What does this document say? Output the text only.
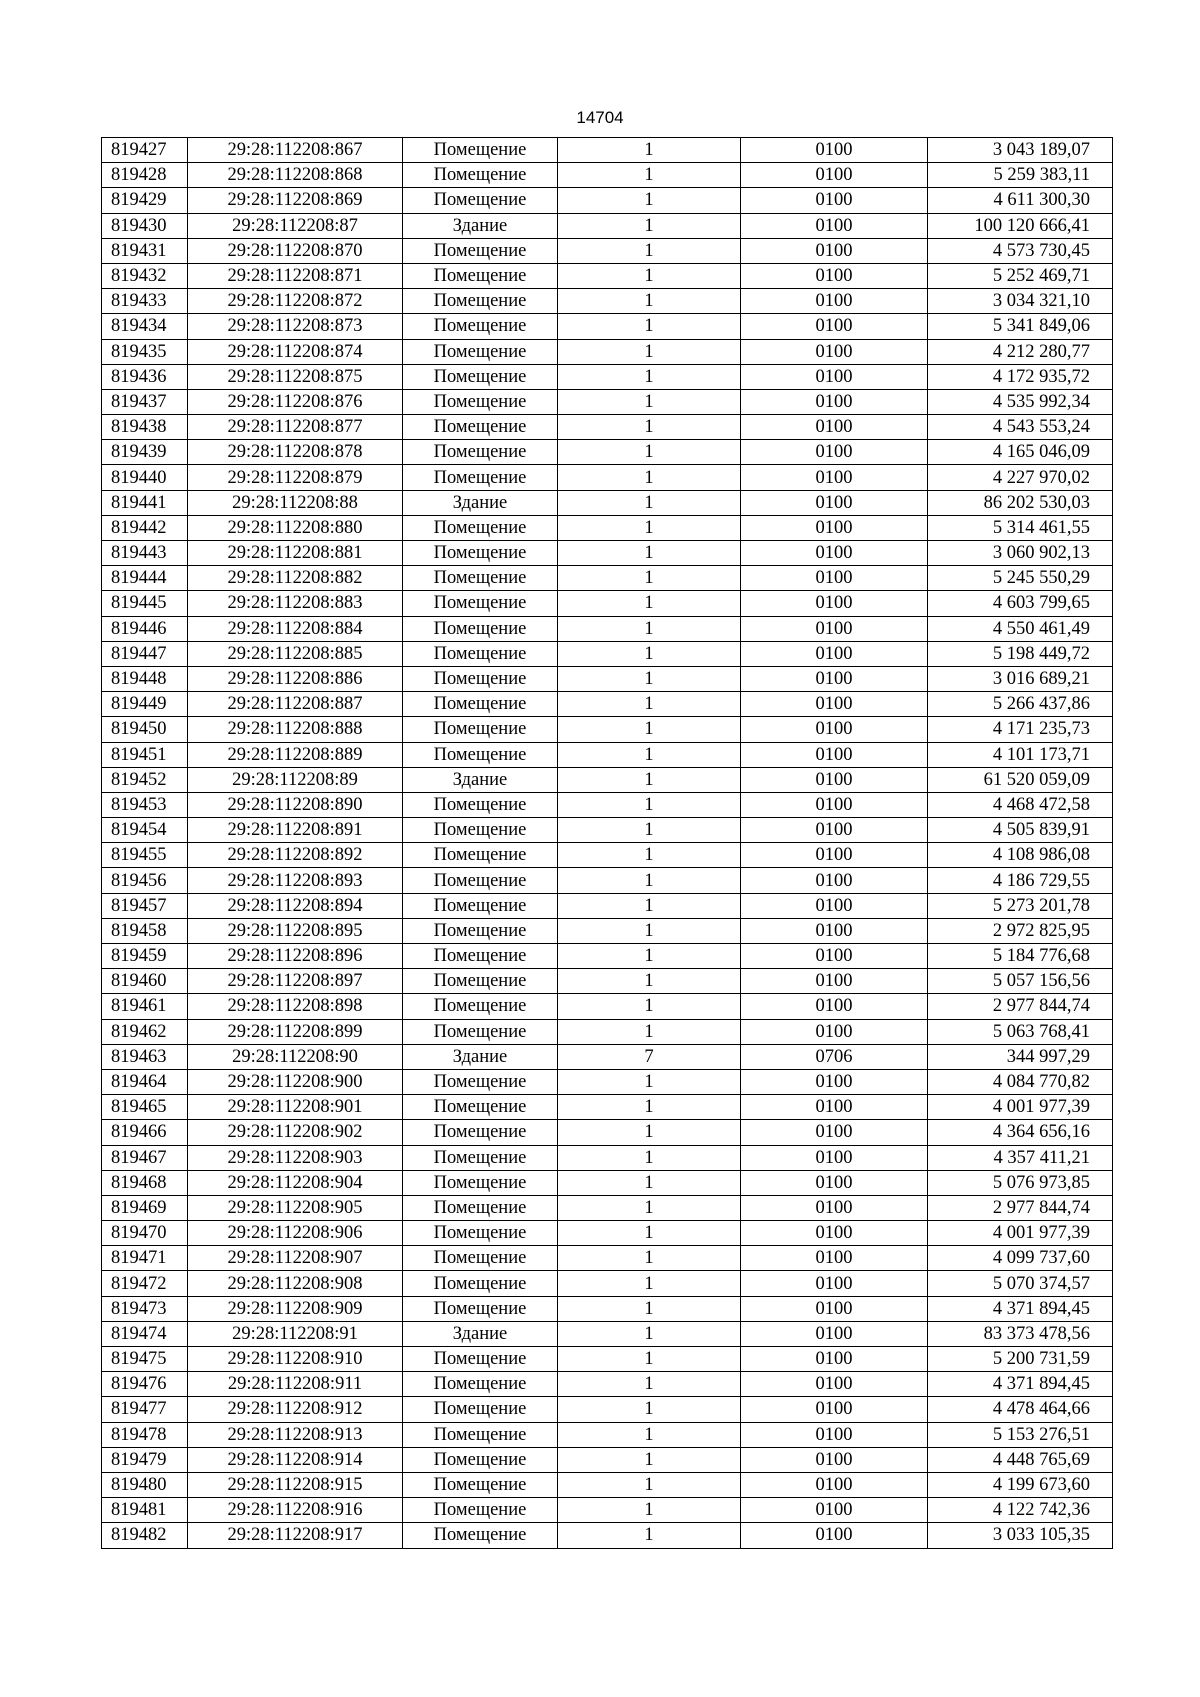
14704
819427	29:28:112208:867	Помещение	1	0100	3 043 189,07
819428	29:28:112208:868	Помещение	1	0100	5 259 383,11
819429	29:28:112208:869	Помещение	1	0100	4 611 300,30
819430	29:28:112208:87	Здание	1	0100	100 120 666,41
819431	29:28:112208:870	Помещение	1	0100	4 573 730,45
819432	29:28:112208:871	Помещение	1	0100	5 252 469,71
819433	29:28:112208:872	Помещение	1	0100	3 034 321,10
819434	29:28:112208:873	Помещение	1	0100	5 341 849,06
819435	29:28:112208:874	Помещение	1	0100	4 212 280,77
819436	29:28:112208:875	Помещение	1	0100	4 172 935,72
819437	29:28:112208:876	Помещение	1	0100	4 535 992,34
819438	29:28:112208:877	Помещение	1	0100	4 543 553,24
819439	29:28:112208:878	Помещение	1	0100	4 165 046,09
819440	29:28:112208:879	Помещение	1	0100	4 227 970,02
819441	29:28:112208:88	Здание	1	0100	86 202 530,03
819442	29:28:112208:880	Помещение	1	0100	5 314 461,55
819443	29:28:112208:881	Помещение	1	0100	3 060 902,13
819444	29:28:112208:882	Помещение	1	0100	5 245 550,29
819445	29:28:112208:883	Помещение	1	0100	4 603 799,65
819446	29:28:112208:884	Помещение	1	0100	4 550 461,49
819447	29:28:112208:885	Помещение	1	0100	5 198 449,72
819448	29:28:112208:886	Помещение	1	0100	3 016 689,21
819449	29:28:112208:887	Помещение	1	0100	5 266 437,86
819450	29:28:112208:888	Помещение	1	0100	4 171 235,73
819451	29:28:112208:889	Помещение	1	0100	4 101 173,71
819452	29:28:112208:89	Здание	1	0100	61 520 059,09
819453	29:28:112208:890	Помещение	1	0100	4 468 472,58
819454	29:28:112208:891	Помещение	1	0100	4 505 839,91
819455	29:28:112208:892	Помещение	1	0100	4 108 986,08
819456	29:28:112208:893	Помещение	1	0100	4 186 729,55
819457	29:28:112208:894	Помещение	1	0100	5 273 201,78
819458	29:28:112208:895	Помещение	1	0100	2 972 825,95
819459	29:28:112208:896	Помещение	1	0100	5 184 776,68
819460	29:28:112208:897	Помещение	1	0100	5 057 156,56
819461	29:28:112208:898	Помещение	1	0100	2 977 844,74
819462	29:28:112208:899	Помещение	1	0100	5 063 768,41
819463	29:28:112208:90	Здание	7	0706	344 997,29
819464	29:28:112208:900	Помещение	1	0100	4 084 770,82
819465	29:28:112208:901	Помещение	1	0100	4 001 977,39
819466	29:28:112208:902	Помещение	1	0100	4 364 656,16
819467	29:28:112208:903	Помещение	1	0100	4 357 411,21
819468	29:28:112208:904	Помещение	1	0100	5 076 973,85
819469	29:28:112208:905	Помещение	1	0100	2 977 844,74
819470	29:28:112208:906	Помещение	1	0100	4 001 977,39
819471	29:28:112208:907	Помещение	1	0100	4 099 737,60
819472	29:28:112208:908	Помещение	1	0100	5 070 374,57
819473	29:28:112208:909	Помещение	1	0100	4 371 894,45
819474	29:28:112208:91	Здание	1	0100	83 373 478,56
819475	29:28:112208:910	Помещение	1	0100	5 200 731,59
819476	29:28:112208:911	Помещение	1	0100	4 371 894,45
819477	29:28:112208:912	Помещение	1	0100	4 478 464,66
819478	29:28:112208:913	Помещение	1	0100	5 153 276,51
819479	29:28:112208:914	Помещение	1	0100	4 448 765,69
819480	29:28:112208:915	Помещение	1	0100	4 199 673,60
819481	29:28:112208:916	Помещение	1	0100	4 122 742,36
819482	29:28:112208:917	Помещение	1	0100	3 033 105,35
